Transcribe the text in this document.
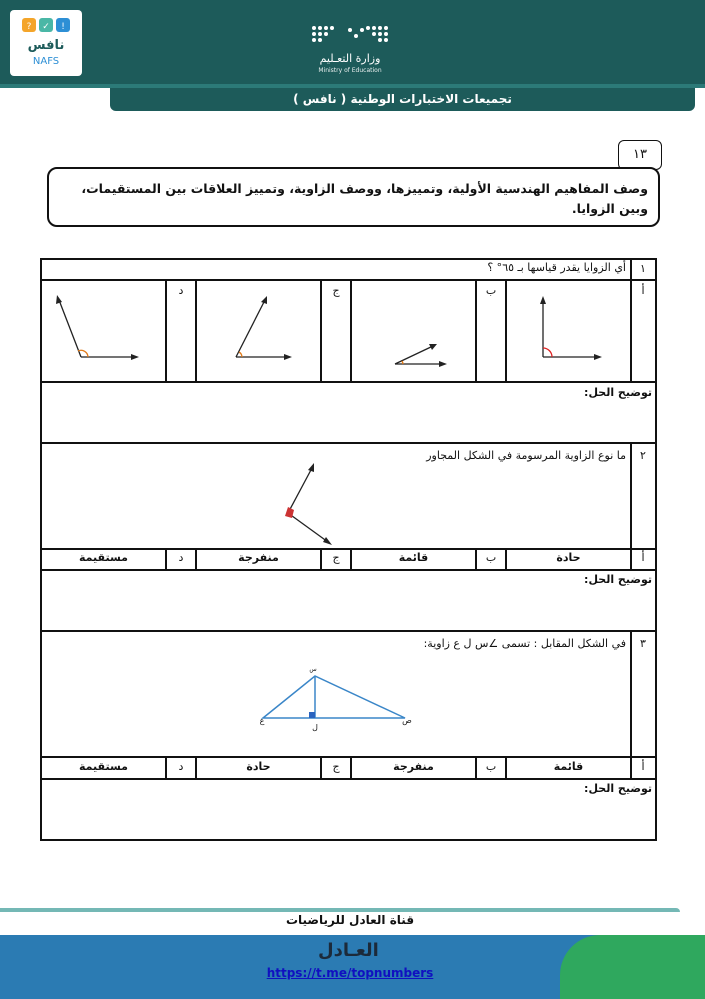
? ✓ !
نافس
NAFS	وزارة التعـليم
Ministry of Education
تجميعات الاختبارات الوطنية ( نافس )
١٣
وصف المفاهيم الهندسية الأولية، وتمييزها، ووصف الزاوية، وتمييز العلاقات بين المستقيمات، وبين الزوايا.
١
أي الزوايا يقدر قياسها بـ ٦٥° ؟
أ
ب
ج
د
توضيح الحل:
٢
ما نوع الزاوية المرسومة في الشكل المجاور
أ
حادة
ب
قائمة
ج
منفرجة
د
مستقيمة
توضيح الحل:
٣
في الشكل المقابل : تسمى ∠س ل ع زاوية:
س
ع
ل
ص
أ
قائمة
ب
منفرجة
ج
حادة
د
مستقيمة
توضيح الحل:
قناة العادل للرياضيات
العـادل
https://t.me/topnumbers
